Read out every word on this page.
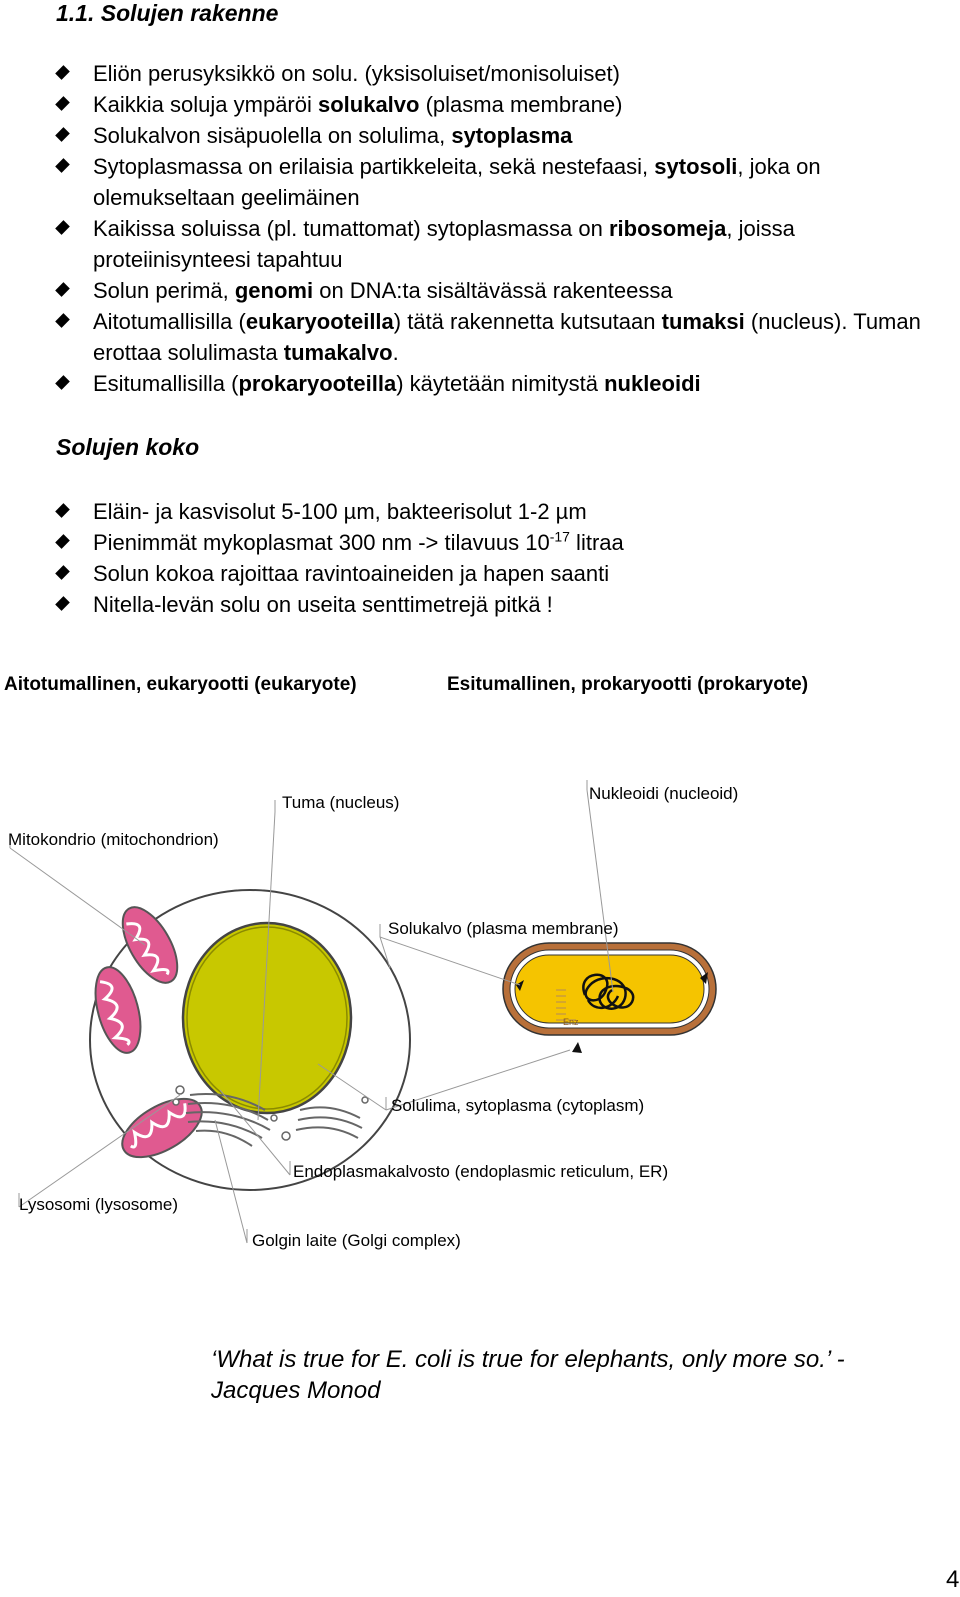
1.1. Solujen rakenne
Eliön perusyksikkö on solu. (yksisoluiset/monisoluiset)
Kaikkia soluja ympäröi solukalvo (plasma membrane)
Solukalvon sisäpuolella on solulima, sytoplasma
Sytoplasmassa on erilaisia partikkeleita, sekä nestefaasi, sytosoli, joka on olemukseltaan geelimäinen
Kaikissa soluissa (pl. tumattomat) sytoplasmassa on ribosomeja, joissa proteiinisynteesi tapahtuu
Solun perimä, genomi on DNA:ta sisältävässä rakenteessa
Aitotumallisilla (eukaryooteilla) tätä rakennetta kutsutaan tumaksi (nucleus). Tuman erottaa solulimasta tumakalvo.
Esitumallisilla (prokaryooteilla) käytetään nimitystä nukleoidi
Solujen koko
Eläin- ja kasvisolut 5-100 µm, bakteerisolut 1-2 µm
Pienimmät mykoplasmat 300 nm -> tilavuus $10^{-17}$ litraa
Solun kokoa rajoittaa ravintoaineiden ja hapen saanti
Nitella-levän solu on useita senttimetrejä pitkä !
Aitotumallinen, eukaryootti (eukaryote)	Esitumallinen, prokaryootti (prokaryote)
Enz
Tuma (nucleus)	Nukleoidi (nucleoid)
Mitokondrio (mitochondrion)
Solukalvo (plasma membrane)
Solulima, sytoplasma (cytoplasm)
Endoplasmakalvosto (endoplasmic reticulum, ER)
Lysosomi (lysosome)
Golgin laite (Golgi complex)
‘What is true for E. coli is true for elephants, only more so.’ -
Jacques Monod
4
